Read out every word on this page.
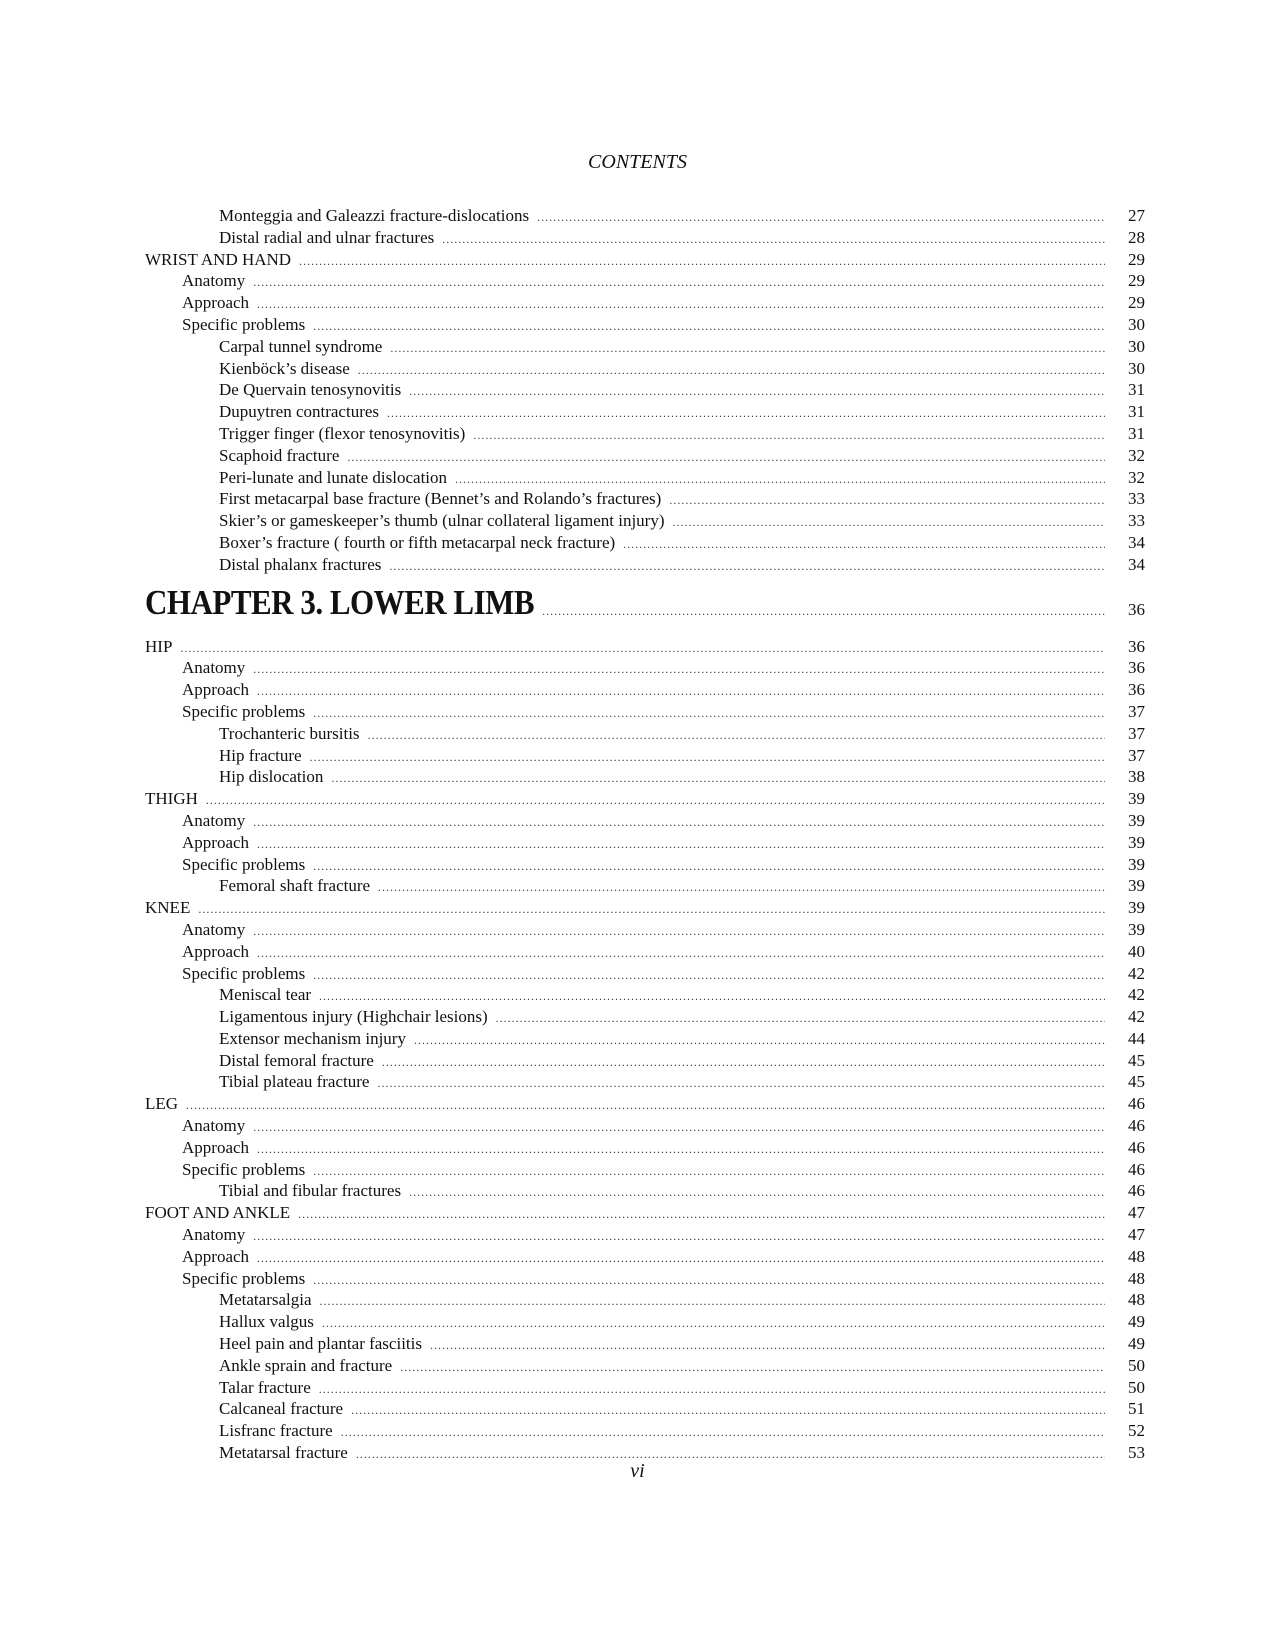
CONTENTS
Monteggia and Galeazzi fracture-dislocations .....	27
Distal radial and ulnar fractures .....	28
WRIST AND HAND .....	29
Anatomy .....	29
Approach .....	29
Specific problems .....	30
Carpal tunnel syndrome .....	30
Kienböck’s disease .....	30
De Quervain tenosynovitis .....	31
Dupuytren contractures .....	31
Trigger finger (flexor tenosynovitis) .....	31
Scaphoid fracture .....	32
Peri-lunate and lunate dislocation .....	32
First metacarpal base fracture (Bennet’s and Rolando’s fractures) .....	33
Skier’s or gameskeeper’s thumb (ulnar collateral ligament injury) .....	33
Boxer’s fracture ( fourth or fifth metacarpal neck fracture) .....	34
Distal phalanx fractures .....	34
CHAPTER 3. LOWER LIMB .....	36
HIP .....	36
Anatomy .....	36
Approach .....	36
Specific problems .....	37
Trochanteric bursitis .....	37
Hip fracture .....	37
Hip dislocation .....	38
THIGH .....	39
Anatomy .....	39
Approach .....	39
Specific problems .....	39
Femoral shaft fracture .....	39
KNEE .....	39
Anatomy .....	39
Approach .....	40
Specific problems .....	42
Meniscal tear .....	42
Ligamentous injury (Highchair lesions) .....	42
Extensor mechanism injury .....	44
Distal femoral fracture .....	45
Tibial plateau fracture .....	45
LEG .....	46
Anatomy .....	46
Approach .....	46
Specific problems .....	46
Tibial and fibular fractures .....	46
FOOT AND ANKLE .....	47
Anatomy .....	47
Approach .....	48
Specific problems .....	48
Metatarsalgia .....	48
Hallux valgus .....	49
Heel pain and plantar fasciitis .....	49
Ankle sprain and fracture .....	50
Talar fracture .....	50
Calcaneal fracture .....	51
Lisfranc fracture .....	52
Metatarsal fracture .....	53
vi
